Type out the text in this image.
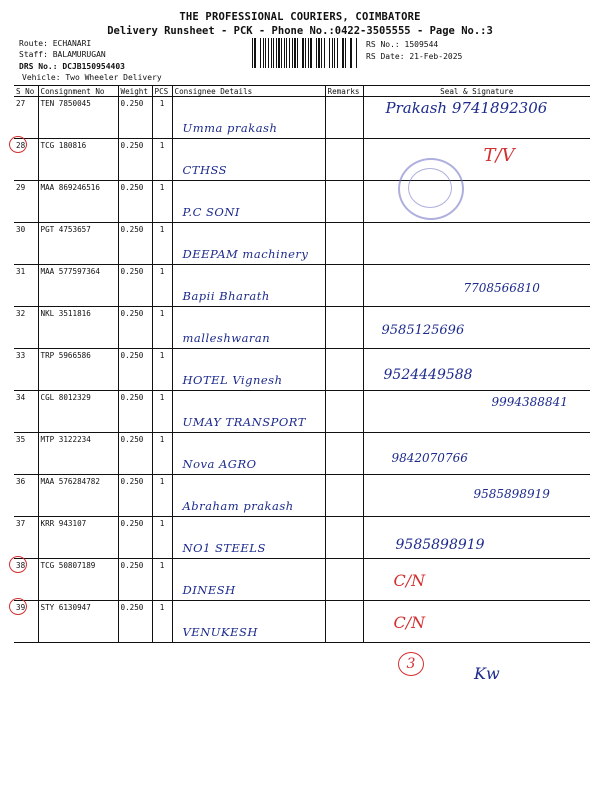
THE PROFESSIONAL COURIERS, COIMBATORE
Delivery Runsheet - PCK - Phone No.:0422-3505555 - Page No.:3
Route: ECHANARI
Staff: BALAMURUGAN
DRS No.: DCJB150954403
Vehicle: Two Wheeler Delivery
RS No.: 1509544
RS Date: 21-Feb-2025
S No	Consignment No	Weight	PCS	Consignee Details	Remarks	Seal & Signature
27	TEN 7850045	0.250	1	Umma prakash		Prakash 9741892306

28	TCG 180816	0.250	1	CTHSS		T/V

29	MAA 869246516	0.250	1	P.C SONI		

30	PGT 4753657	0.250	1	DEEPAM machinery		

31	MAA 577597364	0.250	1	Bapii Bharath		7708566810

32	NKL 3511816	0.250	1	malleshwaran		9585125696

33	TRP 5966586	0.250	1	HOTEL Vignesh		9524449588

34	CGL 8012329	0.250	1	UMAY TRANSPORT		9994388841

35	MTP 3122234	0.250	1	Nova AGRO		9842070766

36	MAA 576284782	0.250	1	Abraham prakash		9585898919

37	KRR 943107	0.250	1	NO1 STEELS		9585898919

38	TCG 50807189	0.250	1	DINESH		C/N

39	STY 6130947	0.250	1	VENUKESH		C/N
3	Kw
